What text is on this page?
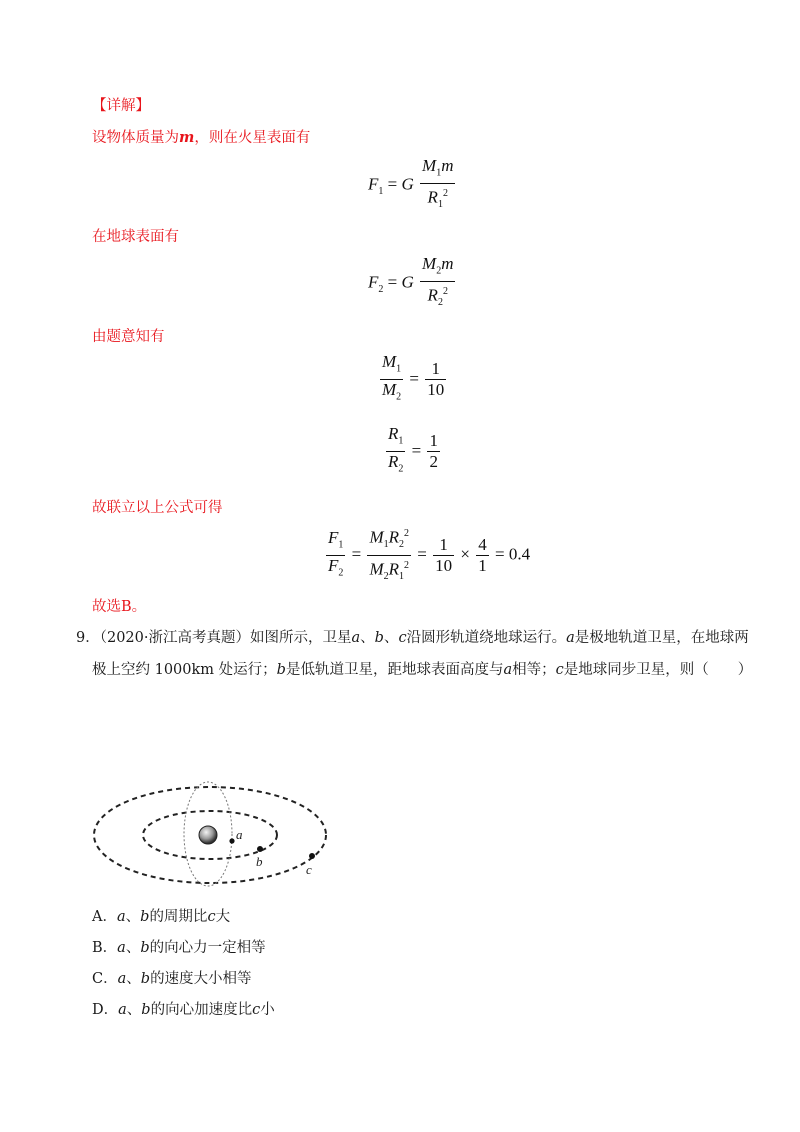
【详解】
设物体质量为m，则在火星表面有
$F_1 = G \frac{M_1m}{R_1^2}$
在地球表面有
$F_2 = G \frac{M_2m}{R_2^2}$
由题意知有
$\frac{M_1}{M_2} = \frac{1}{10}$
$\frac{R_1}{R_2} = \frac{1}{2}$
故联立以上公式可得
$\frac{F_1}{F_2} = \frac{M_1R_2^2}{M_2R_1^2} = \frac{1}{10} \times \frac{4}{1} = 0.4$
故选B。
9．（2020·浙江高考真题）如图所示，卫星a、b、c沿圆形轨道绕地球运行。a是极地轨道卫星，在地球两
极上空约 1000km 处运行；b是低轨道卫星，距地球表面高度与a相等；c是地球同步卫星，则（　　）
a
b
c
A．a、b的周期比c大
B．a、b的向心力一定相等
C．a、b的速度大小相等
D．a、b的向心加速度比c小
